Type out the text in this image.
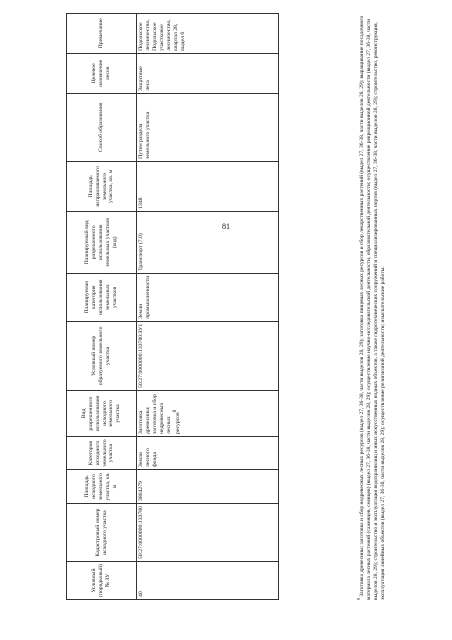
81
Условный (порядковый) № ЗУ	Кадастровый номер исходного участка	Площадь исходного земельного участка, кв. м	Категория исходного земельного участка	Вид разрешенного использования исходного земельного участка	Условный номер образуемого земельного участка	Планируемая категория использования земельных участков	Планируемый вид разрешенного использования земельных участков (код)	Площадь испрашиваемого земельного участка, кв. м	Способ образования	Целевое назначение лесов	Примечание
40	50:27:0000000:133780	3804279	Земли лесного фонда	Заготовка древесины; заготовка и сбор недревесных лесных ресурсов$^8$	50:27:0000000:133780:ЗУ1	Земли промышленности	Транспорт (7.0)	1348	Путем раздела земельного участка	Защитные леса	Подольское лесничество, Подольское участковое лесничество, квартал 28, выдел 6
$^8$ Заготовка древесины; заготовка и сбор недревесных лесных ресурсов (выдел 27, 36-38, части выделов 28, 29); заготовка пищевых лесных ресурсов и сбор лекарственных растений (выдел 27, 36-38, части выделов 28, 29); выращивание посадочного материала лесных растений (саженцев, сеянцев) (выдел 27, 36-38, части выделов 28, 29); осуществление научно-исследовательской деятельности, образовательной деятельности; осуществление рекреационной деятельности (выдел 27, 36-38, части выделов 28, 29); строительство и эксплуатация водохранилищ и иных искусственных водных объектов, а также гидротехнических сооружений и специализированных портов (выдел 27, 36-38, части выделов 28, 29); строительство, реконструкция, эксплуатация линейных объектов (выдел 27, 36-38, части выделов 28, 29); осуществление религиозной деятельности; изыскательские работы.
